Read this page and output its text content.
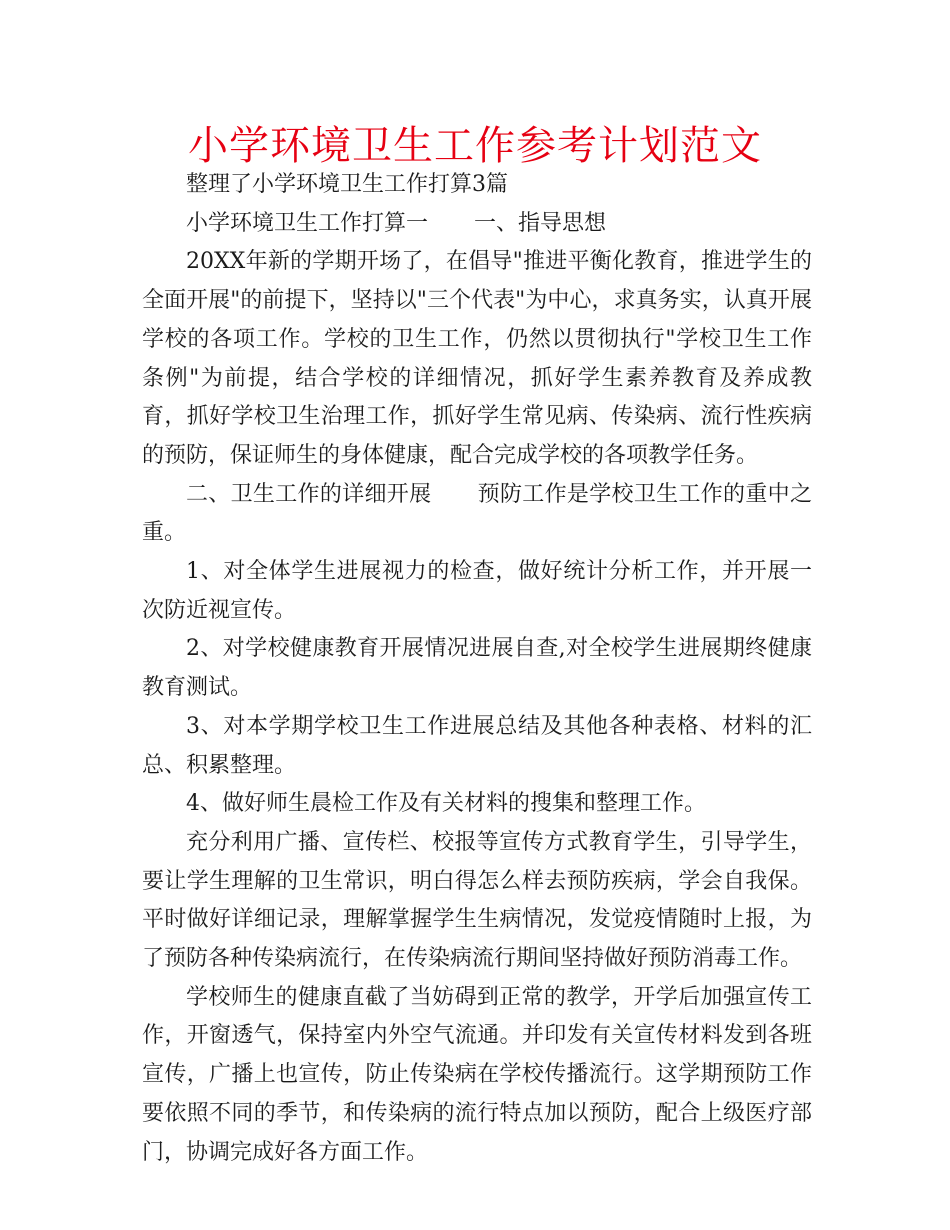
小学环境卫生工作参考计划范文

整理了小学环境卫生工作打算3篇

小学环境卫生工作打算一 一、指导思想

20XX年新的学期开场了，在倡导"推进平衡化教育，推进学生的全面开展"的前提下，坚持以"三个代表"为中心，求真务实，认真开展学校的各项工作。学校的卫生工作，仍然以贯彻执行"学校卫生工作条例"为前提，结合学校的详细情况，抓好学生素养教育及养成教育，抓好学校卫生治理工作，抓好学生常见病、传染病、流行性疾病的预防，保证师生的身体健康，配合完成学校的各项教学任务。

二、卫生工作的详细开展 预防工作是学校卫生工作的重中之重。

1、对全体学生进展视力的检查，做好统计分析工作，并开展一次防近视宣传。

2、对学校健康教育开展情况进展自查,对全校学生进展期终健康教育测试。

3、对本学期学校卫生工作进展总结及其他各种表格、材料的汇总、积累整理。

4、做好师生晨检工作及有关材料的搜集和整理工作。

充分利用广播、宣传栏、校报等宣传方式教育学生，引导学生，要让学生理解的卫生常识，明白得怎么样去预防疾病，学会自我保。平时做好详细记录，理解掌握学生生病情况，发觉疫情随时上报，为了预防各种传染病流行，在传染病流行期间坚持做好预防消毒工作。

学校师生的健康直截了当妨碍到正常的教学，开学后加强宣传工作，开窗透气，保持室内外空气流通。并印发有关宣传材料发到各班宣传，广播上也宣传，防止传染病在学校传播流行。这学期预防工作要依照不同的季节，和传染病的流行特点加以预防，配合上级医疗部门，协调完成好各方面工作。
